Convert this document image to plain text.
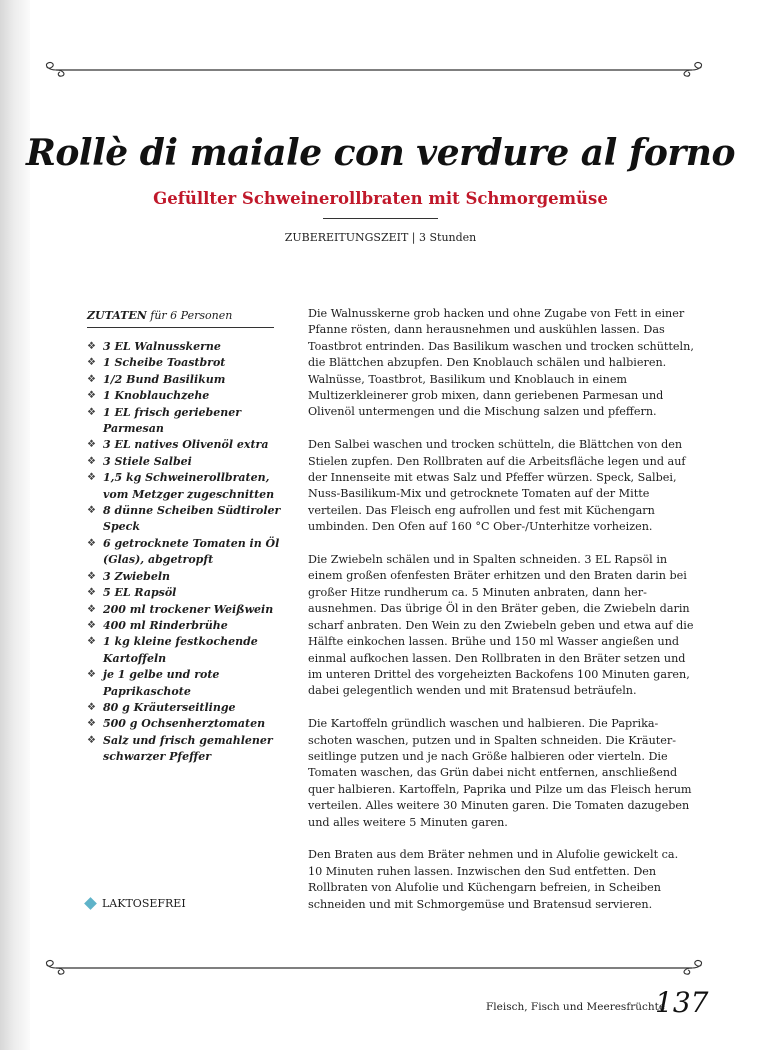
Rollè di maiale con verdure al forno
Gefüllter Schweinerollbraten mit Schmorgemüse
ZUBEREITUNGSZEIT | 3 Stunden
ZUTATEN für 6 Personen
❖ 3 EL Walnusskerne
❖ 1 Scheibe Toastbrot
❖ 1/2 Bund Basilikum
❖ 1 Knoblauchzehe
❖ 1 EL frisch geriebener Parmesan
❖ 3 EL natives Olivenöl extra
❖ 3 Stiele Salbei
❖ 1,5 kg Schweinerollbraten, vom Metzger zugeschnitten
❖ 8 dünne Scheiben Südtiroler Speck
❖ 6 getrocknete Tomaten in Öl (Glas), abgetropft
❖ 3 Zwiebeln
❖ 5 EL Rapsöl
❖ 200 ml trockener Weißwein
❖ 400 ml Rinderbrühe
❖ 1 kg kleine festkochende Kartoffeln
❖ je 1 gelbe und rote Paprikaschote
❖ 80 g Kräuterseitlinge
❖ 500 g Ochsenherztomaten
❖ Salz und frisch gemahlener schwarzer Pfeffer
LAKTOSEFREI

Die Walnusskerne grob hacken und ohne Zugabe von Fett in einer Pfanne rösten, dann herausnehmen und auskühlen lassen. Das Toastbrot entrinden. Das Basilikum waschen und trocken schütteln, die Blättchen abzupfen. Den Knoblauch schälen und halbieren. Walnüsse, Toastbrot, Basilikum und Knoblauch in einem Multizerkleinerer grob mixen, dann geriebenen Parmesan und Olivenöl untermengen und die Mischung salzen und pfeffern.

Den Salbei waschen und trocken schütteln, die Blättchen von den Stielen zupfen. Den Rollbraten auf die Arbeitsfläche legen und auf der Innenseite mit etwas Salz und Pfeffer würzen. Speck, Salbei, Nuss-Basilikum-Mix und getrocknete Tomaten auf der Mitte verteilen. Das Fleisch eng aufrollen und fest mit Küchengarn umbinden. Den Ofen auf 160 °C Ober-/Unterhitze vorheizen.

Die Zwiebeln schälen und in Spalten schneiden. 3 EL Rapsöl in einem großen ofenfesten Bräter erhitzen und den Braten darin bei großer Hitze rundherum ca. 5 Minuten anbraten, dann herausnehmen. Das übrige Öl in den Bräter geben, die Zwiebeln darin scharf anbraten. Den Wein zu den Zwiebeln geben und etwa auf die Hälfte einkochen lassen. Brühe und 150 ml Wasser angießen und einmal aufkochen lassen. Den Rollbraten in den Bräter setzen und im unteren Drittel des vorgeheizten Backofens 100 Minuten garen, dabei gelegentlich wenden und mit Bratensud beträufeln.

Die Kartoffeln gründlich waschen und halbieren. Die Paprikaschoten waschen, putzen und in Spalten schneiden. Die Kräuterseitlinge putzen und je nach Größe halbieren oder vierteln. Die Tomaten waschen, das Grün dabei nicht entfernen, anschließend quer halbieren. Kartoffeln, Paprika und Pilze um das Fleisch herum verteilen. Alles weitere 30 Minuten garen. Die Tomaten dazugeben und alles weitere 5 Minuten garen.

Den Braten aus dem Bräter nehmen und in Alufolie gewickelt ca. 10 Minuten ruhen lassen. Inzwischen den Sud entfetten. Den Rollbraten von Alufolie und Küchengarn befreien, in Scheiben schneiden und mit Schmorgemüse und Bratensud servieren.

Fleisch, Fisch und Meeresfrüchte
137
